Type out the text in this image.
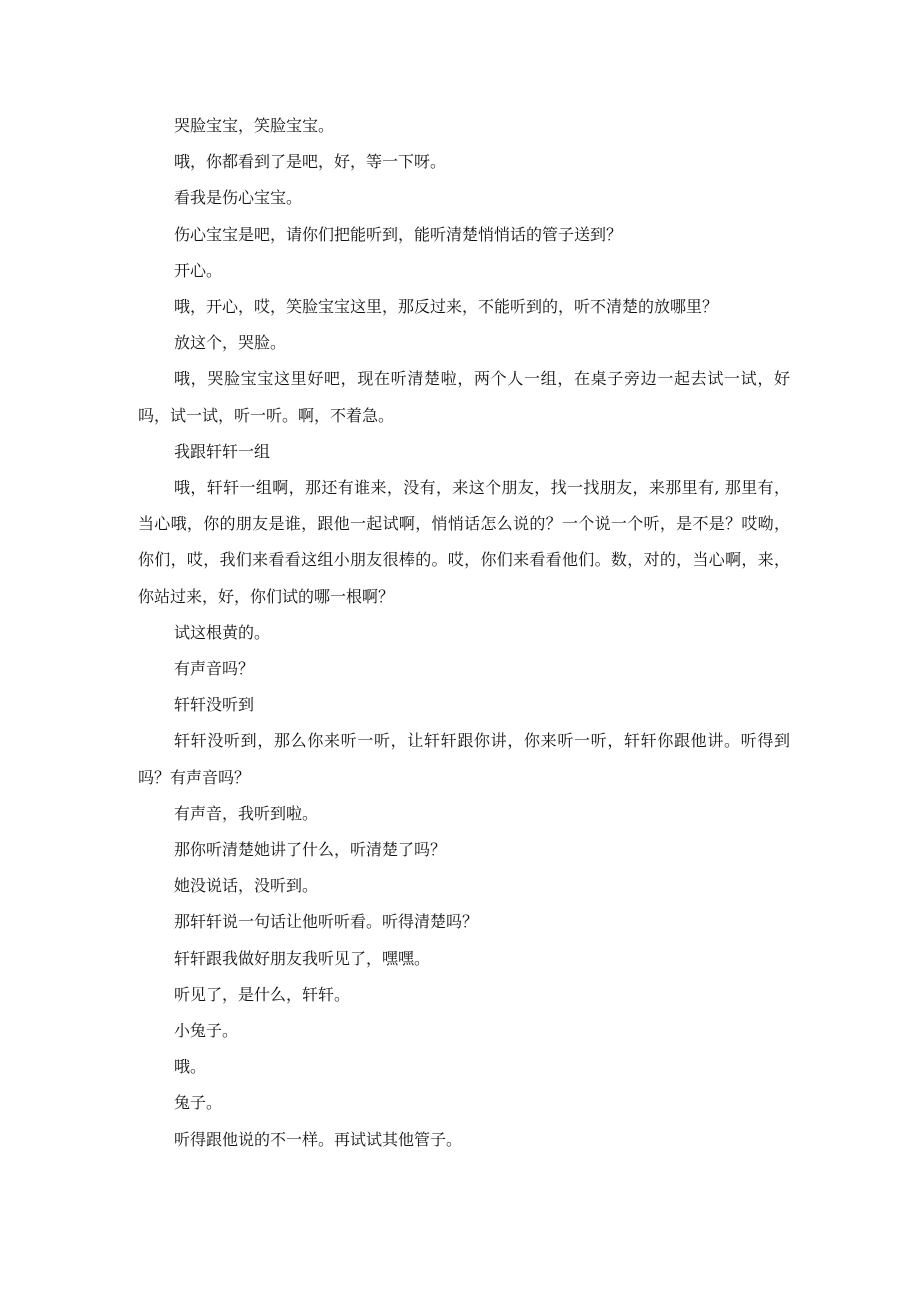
哭脸宝宝，笑脸宝宝。

哦，你都看到了是吧，好，等一下呀。

看我是伤心宝宝。

伤心宝宝是吧，请你们把能听到，能听清楚悄悄话的管子送到？

开心。

哦，开心，哎，笑脸宝宝这里，那反过来，不能听到的，听不清楚的放哪里？

放这个，哭脸。

哦，哭脸宝宝这里好吧，现在听清楚啦，两个人一组，在桌子旁边一起去试一试，好吗，试一试，听一听。啊，不着急。

我跟轩轩一组

哦，轩轩一组啊，那还有谁来，没有，来这个朋友，找一找朋友，来那里有, 那里有，当心哦，你的朋友是谁，跟他一起试啊，悄悄话怎么说的？一个说一个听，是不是？哎呦，你们，哎，我们来看看这组小朋友很棒的。哎，你们来看看他们。数，对的，当心啊，来，你站过来，好，你们试的哪一根啊？

试这根黄的。

有声音吗？

轩轩没听到

轩轩没听到，那么你来听一听，让轩轩跟你讲，你来听一听，轩轩你跟他讲。听得到吗？有声音吗？

有声音，我听到啦。

那你听清楚她讲了什么，听清楚了吗？

她没说话，没听到。

那轩轩说一句话让他听听看。听得清楚吗？

轩轩跟我做好朋友我听见了，嘿嘿。

听见了，是什么，轩轩。

小兔子。

哦。

兔子。

听得跟他说的不一样。再试试其他管子。
